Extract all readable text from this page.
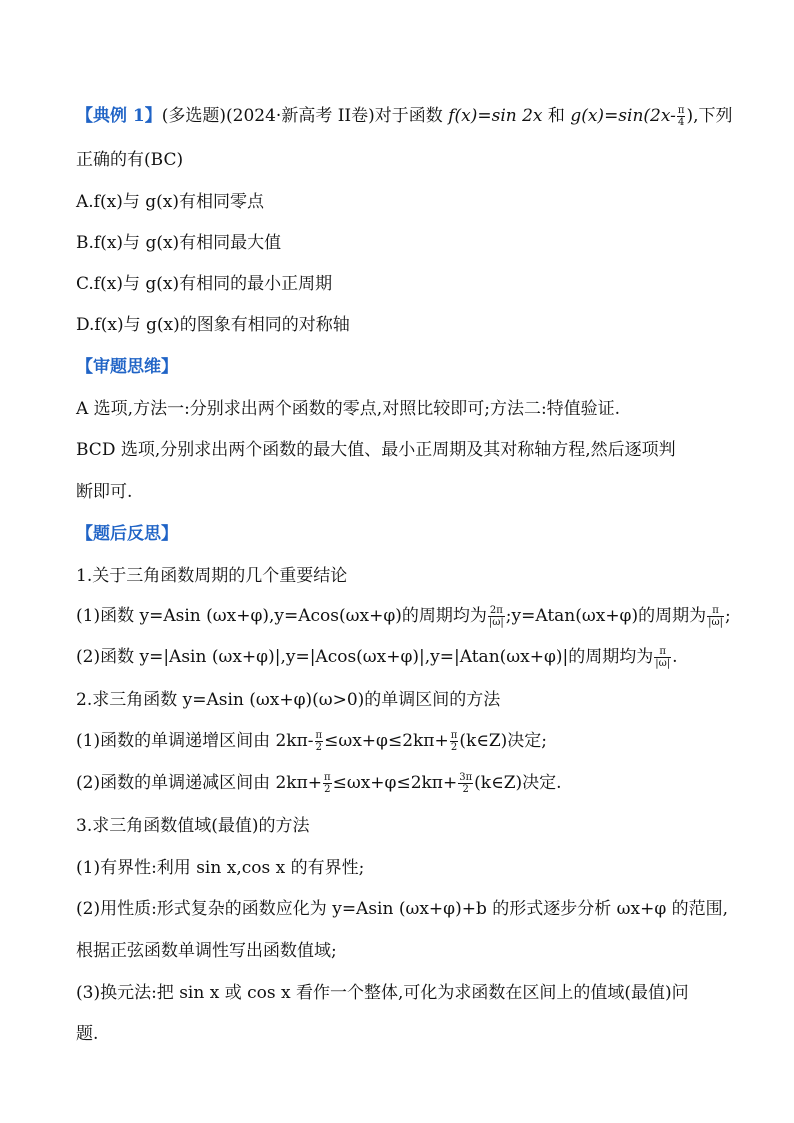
【典例 1】(多选题)(2024·新高考 II卷)对于函数 f(x)=sin 2x 和 $g(x)=\sin(2x- \frac{\pi}{4}$ ),下列
正确的有(BC)
A.f(x)与 g(x)有相同零点
B.f(x)与 g(x)有相同最大值
C.f(x)与 g(x)有相同的最小正周期
D.f(x)与 g(x)的图象有相同的对称轴
【审题思维】
A 选项,方法一:分别求出两个函数的零点,对照比较即可;方法二:特值验证.
BCD 选项,分别求出两个函数的最大值、最小正周期及其对称轴方程,然后逐项判
断即可.
【题后反思】
1.关于三角函数周期的几个重要结论
(1)函数 y=Asin (ωx+φ),y=Acos(ωx+φ)的周期均为 $\frac{2\pi}{|\omega|}$ ;y=Atan(ωx+φ)的周期为 $\frac{\pi}{|\omega|}$ ;
(2)函数 y=|Asin (ωx+φ)|,y=|Acos(ωx+φ)|,y=|Atan(ωx+φ)|的周期均为 $\frac{\pi}{|\omega|}$ .
2.求三角函数 y=Asin (ωx+φ)(ω>0)的单调区间的方法
(1)函数的单调递增区间由 $2k\pi- \frac{\pi}{2} \le\omega x+\varphi\le 2k\pi+ \frac{\pi}{2}$ (k∈Z)决定;
(2)函数的单调递减区间由 $2k\pi+ \frac{\pi}{2} \le\omega x+\varphi\le 2k\pi+ \frac{3\pi}{2}$ (k∈Z)决定.
3.求三角函数值域(最值)的方法
(1)有界性:利用 sin x,cos x 的有界性;
(2)用性质:形式复杂的函数应化为 y=Asin (ωx+φ)+b 的形式逐步分析 ωx+φ 的范围,
根据正弦函数单调性写出函数值域;
(3)换元法:把 sin x 或 cos x 看作一个整体,可化为求函数在区间上的值域(最值)问
题.
